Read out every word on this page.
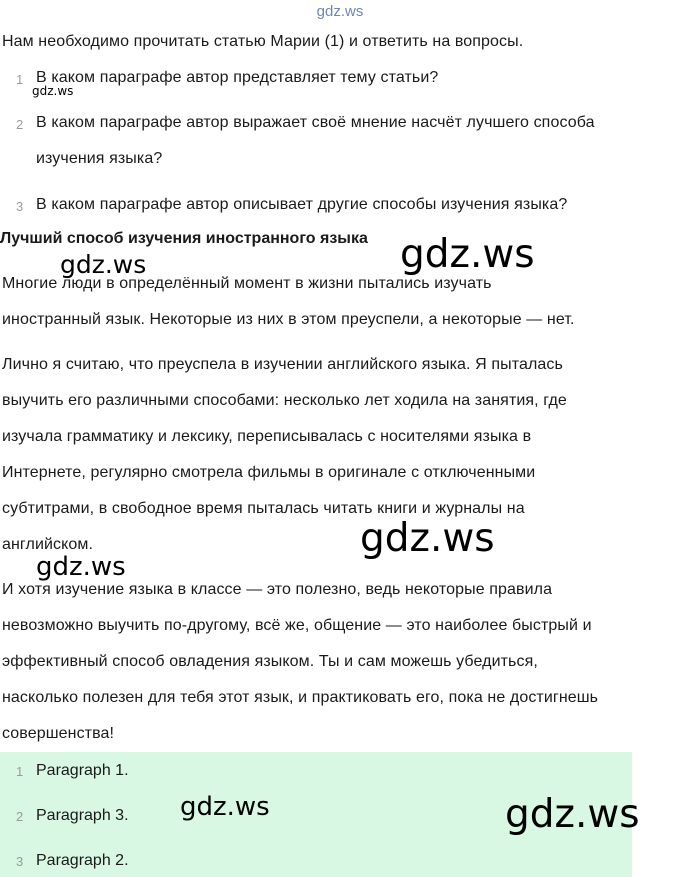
gdz.ws
Нам необходимо прочитать статью Марии (1) и ответить на вопросы.
1 В каком параграфе автор представляет тему статьи?
2 В каком параграфе автор выражает своё мнение насчёт лучшего способа
изучения языка?
3 В каком параграфе автор описывает другие способы изучения языка?
gdz.ws
Лучший способ изучения иностранного языка
gdz.ws	gdz.ws
Многие люди в определённый момент в жизни пытались изучать
иностранный язык. Некоторые из них в этом преуспели, а некоторые — нет.
Лично я считаю, что преуспела в изучении английского языка. Я пыталась
выучить его различными способами: несколько лет ходила на занятия, где
изучала грамматику и лексику, переписывалась с носителями языка в
Интернете, регулярно смотрела фильмы в оригинале с отключенными
субтитрами, в свободное время пыталась читать книги и журналы на
английском.	gdz.ws
gdz.ws
И хотя изучение языка в классе — это полезно, ведь некоторые правила
невозможно выучить по-другому, всё же, общение — это наиболее быстрый и
эффективный способ овладения языком. Ты и сам можешь убедиться,
насколько полезен для тебя этот язык, и практиковать его, пока не достигнешь
совершенства!
1 Paragraph 1.
2 Paragraph 3.
3 Paragraph 2.
gdz.ws	gdz.ws
